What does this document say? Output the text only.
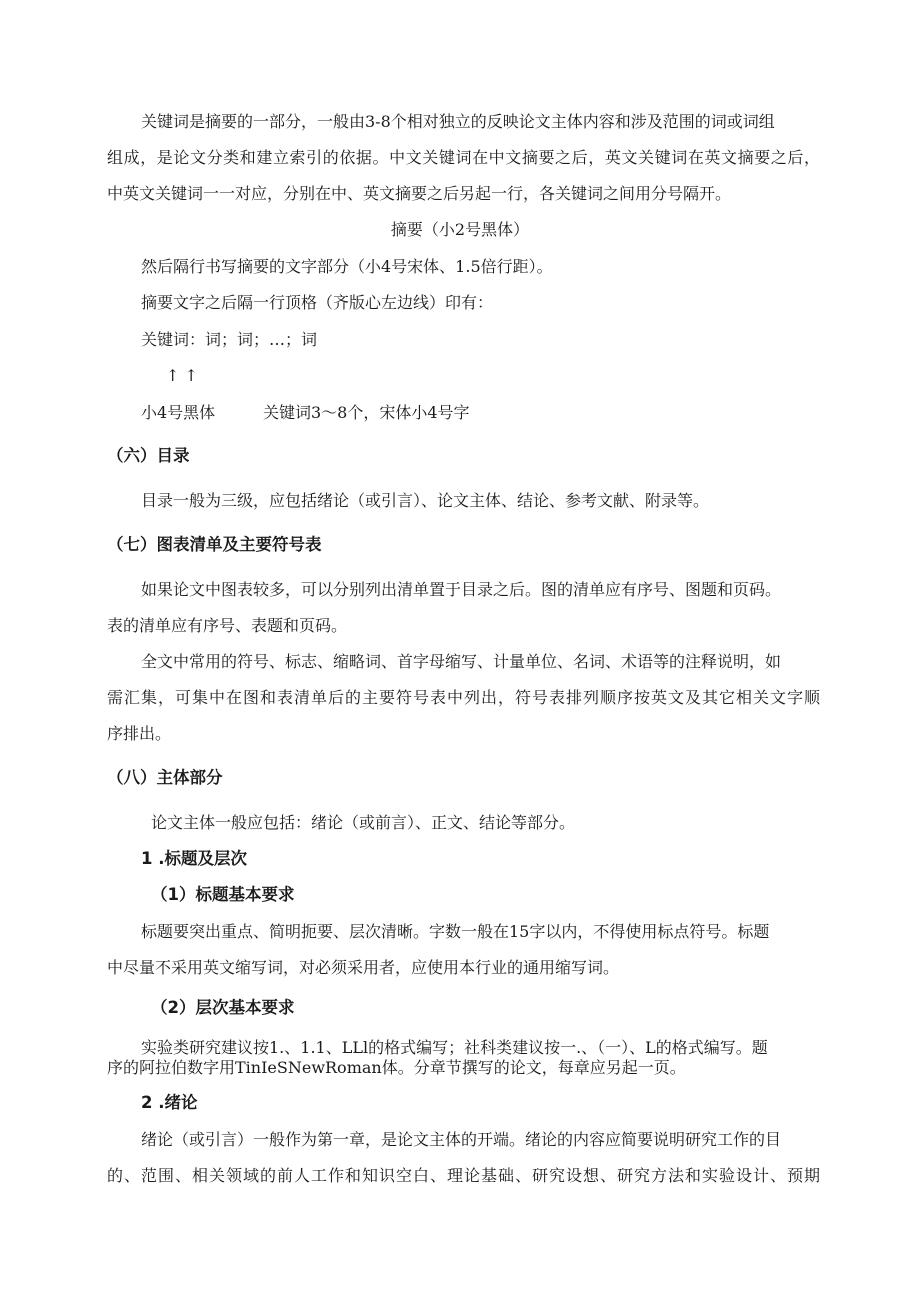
关键词是摘要的一部分，一般由3-8个相对独立的反映论文主体内容和涉及范围的词或词组

组成，是论文分类和建立索引的依据。中文关键词在中文摘要之后，英文关键词在英文摘要之后，

中英文关键词一一对应，分别在中、英文摘要之后另起一行，各关键词之间用分号隔开。

摘要（小2号黑体）

然后隔行书写摘要的文字部分（小4号宋体、1.5倍行距）。

摘要文字之后隔一行顶格（齐版心左边线）印有：

关键词：词；词；…；词

↑ ↑

小4号黑体	关键词3～8个，宋体小4号字

（六）目录

目录一般为三级，应包括绪论（或引言）、论文主体、结论、参考文献、附录等。

（七）图表清单及主要符号表

如果论文中图表较多，可以分别列出清单置于目录之后。图的清单应有序号、图题和页码。

表的清单应有序号、表题和页码。

全文中常用的符号、标志、缩略词、首字母缩写、计量单位、名词、术语等的注释说明，如

需汇集，可集中在图和表清单后的主要符号表中列出，符号表排列顺序按英文及其它相关文字顺

序排出。

（八）主体部分

论文主体一般应包括：绪论（或前言）、正文、结论等部分。

1 .标题及层次

（1）标题基本要求

标题要突出重点、简明扼要、层次清晰。字数一般在15字以内，不得使用标点符号。标题

中尽量不采用英文缩写词，对必须采用者，应使用本行业的通用缩写词。

（2）层次基本要求

实验类研究建议按1.、1.1、LLl的格式编写；社科类建议按一.、（一）、L的格式编写。题

序的阿拉伯数字用TinIeSNewRoman体。分章节撰写的论文，每章应另起一页。

2 .绪论

绪论（或引言）一般作为第一章，是论文主体的开端。绪论的内容应简要说明研究工作的目

的、范围、相关领域的前人工作和知识空白、理论基础、研究设想、研究方法和实验设计、预期
